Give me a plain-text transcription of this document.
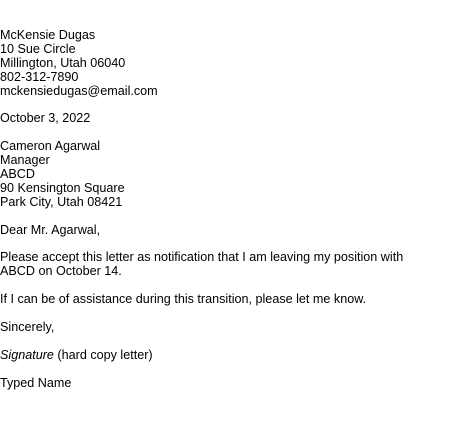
McKensie Dugas
10 Sue Circle
Millington, Utah 06040
802-312-7890
mckensiedugas@email.com
October 3, 2022
Cameron Agarwal
Manager
ABCD
90 Kensington Square
Park City, Utah 08421
Dear Mr. Agarwal,

Please accept this letter as notification that I am leaving my position with ABCD on October 14.

If I can be of assistance during this transition, please let me know.

Sincerely,
Signature (hard copy letter)
Typed Name
